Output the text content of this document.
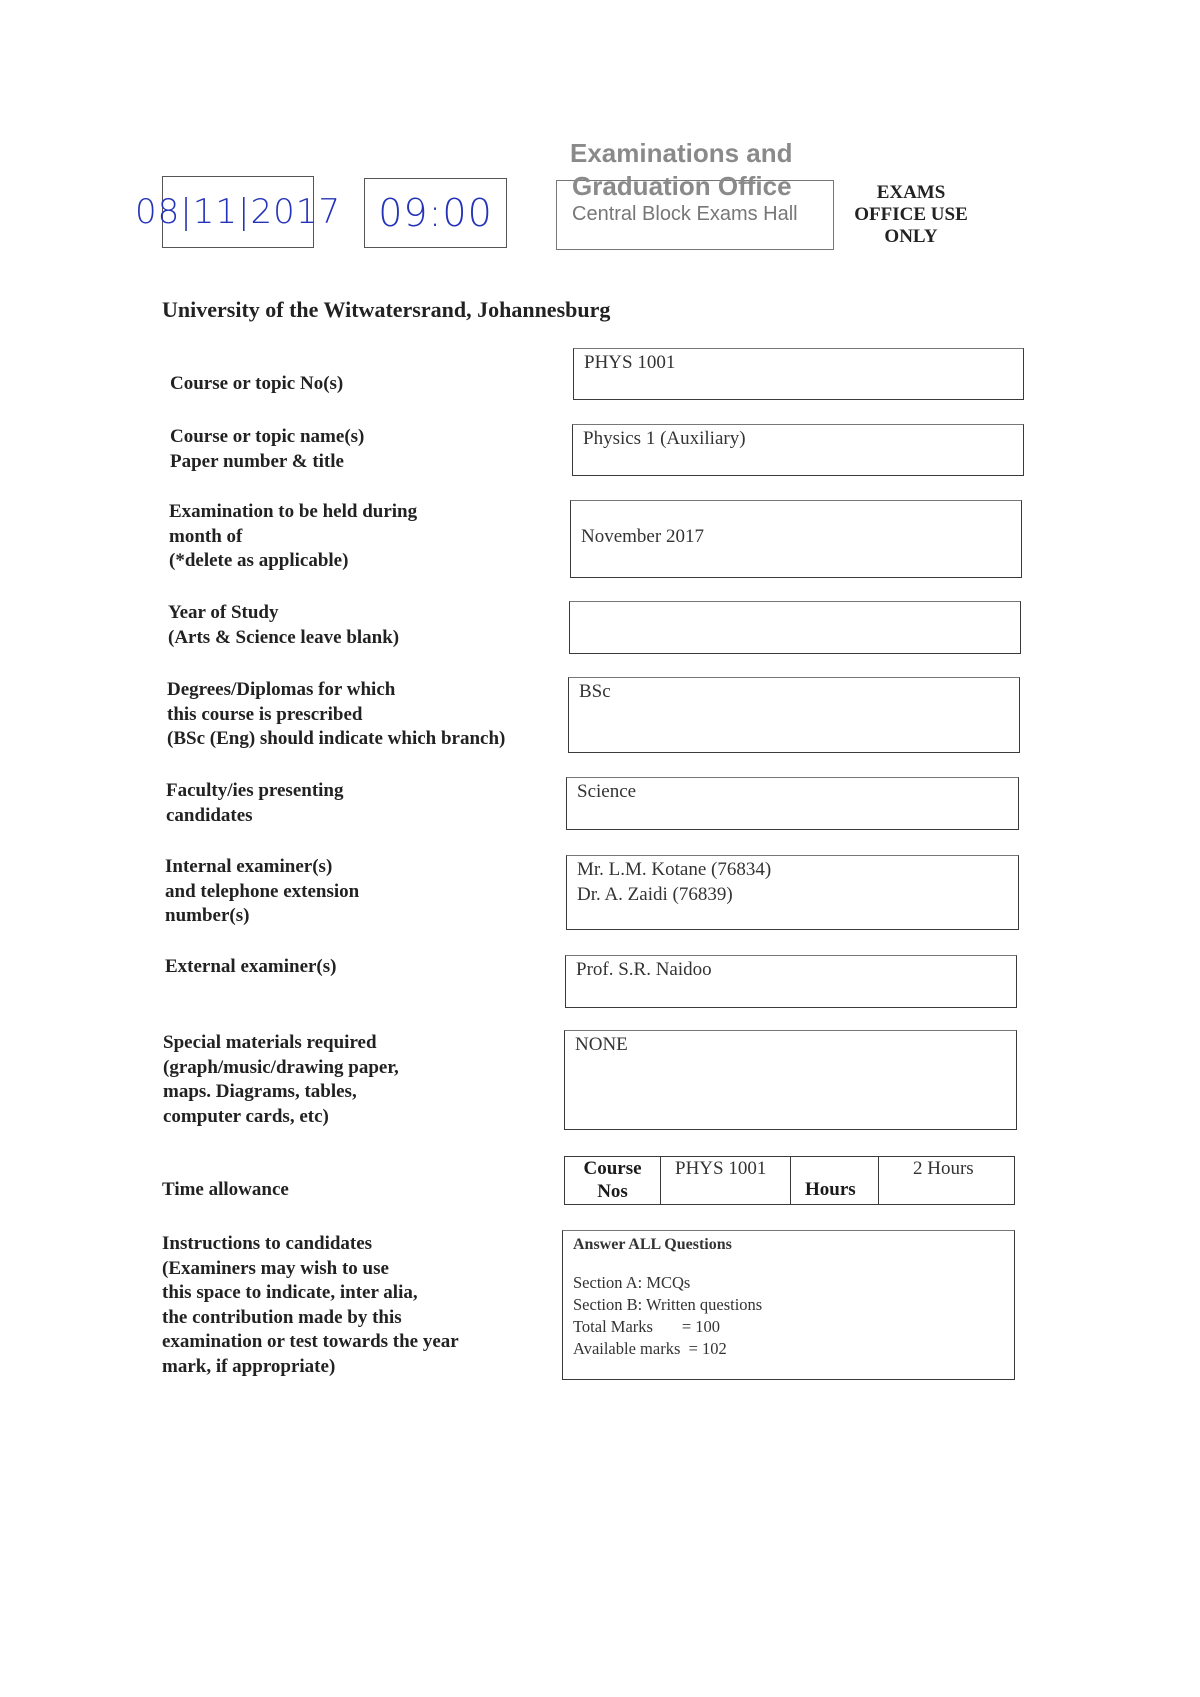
08|11|2017 09:00
Examinations and
Graduation Office
Central Block Exams Hall
EXAMS
OFFICE USE
ONLY
University of the Witwatersrand, Johannesburg
Course or topic No(s)
PHYS 1001
Course or topic name(s)
Paper number & title
Physics 1 (Auxiliary)
Examination to be held during
month of
(*delete as applicable)
November 2017
Year of Study
(Arts & Science leave blank)
Degrees/Diplomas for which
this course is prescribed
(BSc (Eng) should indicate which branch)
BSc
Faculty/ies presenting
candidates
Science
Internal examiner(s)
and telephone extension
number(s)
Mr. L.M. Kotane (76834)
Dr. A. Zaidi (76839)
External examiner(s)	Prof. S.R. Naidoo
Special materials required
(graph/music/drawing paper,
maps. Diagrams, tables,
computer cards, etc)
NONE
Time allowance
Course
Nos
PHYS 1001
Hours
2 Hours
Instructions to candidates
(Examiners may wish to use
this space to indicate, inter alia,
the contribution made by this
examination or test towards the year
mark, if appropriate)
Answer ALL Questions
Section A: MCQs
Section B: Written questions
Total Marks       = 100
Available marks  = 102
